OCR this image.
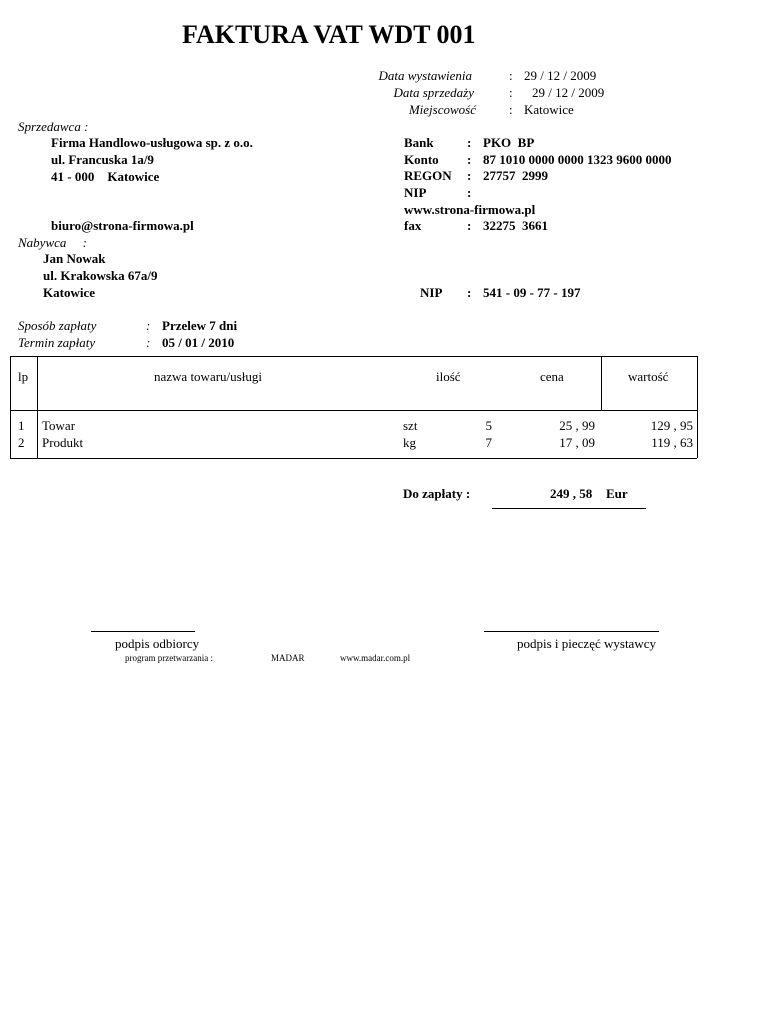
FAKTURA VAT WDT 001
Data wystawienia	: 29 / 12 / 2009
Data sprzedaży	: 29 / 12 / 2009
Miejscowość	: Katowice
Sprzedawca :
Firma Handlowo-usługowa sp. z o.o.
ul. Francuska 1a/9
41 - 000    Katowice
biuro@strona-firmowa.pl
Bank	: PKO  BP
Konto : 87 1010 0000 0000 1323 9600 0000
REGON : 27757  2999
NIP	:
www.strona-firmowa.pl
fax	: 32275  3661
Nabywca     :
Jan Nowak
ul. Krakowska 67a/9
Katowice	NIP : 541 - 09 - 77 - 197
Sposób zapłaty	: Przelew 7 dni
Termin zapłaty	: 05 / 01 / 2010
lp	nazwa towaru/usługi	ilość	cena	wartość
1 Towar	szt	5	25 , 99	129 , 95
2 Produkt	kg	7	17 , 09	119 , 63
Do zapłaty :	249 , 58 Eur
podpis odbiorcy	podpis i pieczęć wystawcy
program przetwarzania :	MADAR	www.madar.com.pl
